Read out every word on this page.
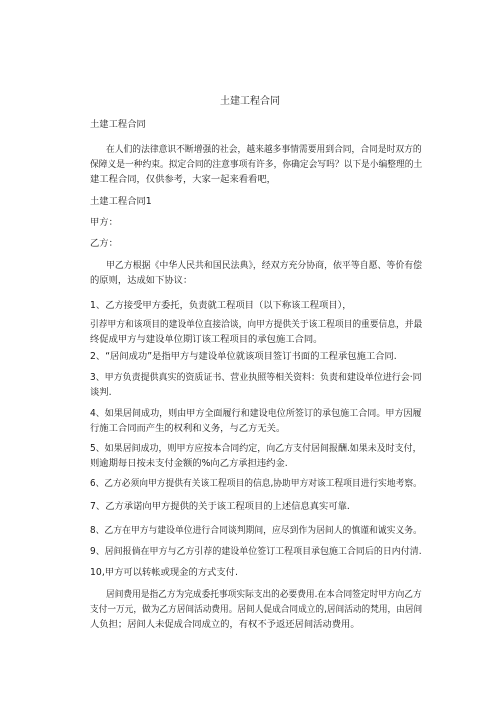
土建工程合同
土建工程合同
在人们的法律意识不断增强的社会，越来越多事情需要用到合同，合同是时双方的
保障义是一种约束。拟定合同的注意事项有许多，你确定会写吗？以下是小编整理的土
建工程合同，仅供参考，大家一起来看看吧，
土建工程合同1
甲方：
乙方：
甲乙方根据《中华人民共和国民法典》，经双方充分协商，依平等自愿、等价有偿
的原则，达成如下协议：
1、乙方接受甲方委托，负责就工程项目（以下称该工程项目），
引荐甲方和该项目的建设单位直接洽谈，向甲方提供关于该工程项目的重要信息，并最
终促成甲方与建设单位期订该工程项目的承包施工合同。
2、“居间成功”是指甲方与建设单位就该项目签订书面的工程承包施工合同.
3、甲方负责提供真实的资质证书、营业执照等相关资料：负责和建设单位进行会·同
谈判.
4、如果居间成功，则由甲方全面履行和建设电位所签订的承包施工合同。甲方因履
行施工合同而产生的权利和义务，与乙方无关。
5、如果居间成功，则甲方应按本合同约定，向乙方支付居间报酬.如果未及时支付，
则逾期每日按未支付金额的%向乙方承担违约金.
6、乙方必须向甲方提供有关该工程项目的信息,协助甲方对该工程项目进行实地考察。
7、乙方承诺向甲方提供的关于该工程项目的上述信息真实可靠.
8、乙方在甲方与建设单位进行合同谈判期间，应尽到作为居间人的慎谨和诚实义务。
9、居间报倘在甲方与乙方引荐的建设单位签订工程项目承包施工合同后的日内付清.
10,甲方可以转帐或现金的方式支付.
居间费用是指乙方为完成委托事项实际支出的必要费用.在本合同签定时甲方向乙方
支付一万元，做为乙方居间活动费用。居间人促成合同成立的,居间活动的梵用，由居间
人负担；居间人未促成合同成立的，有权不予返还居间活动费用。
